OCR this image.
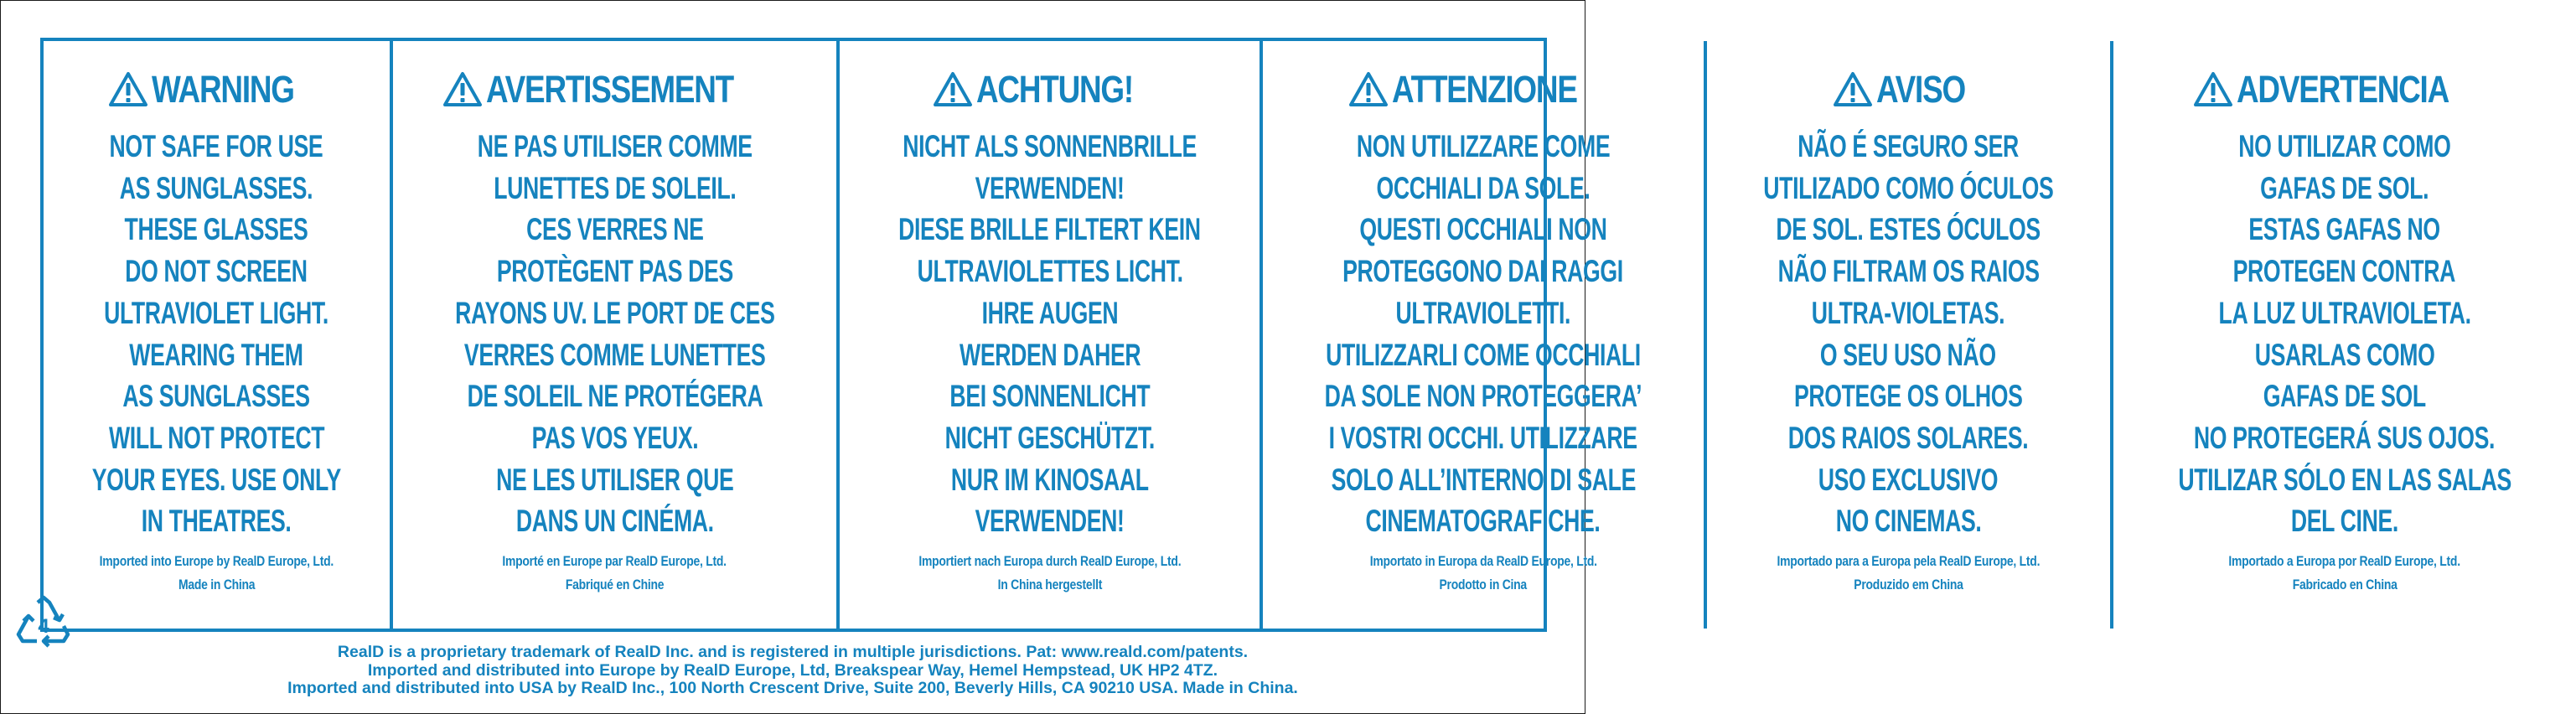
WARNING
NOT SAFE FOR USE
AS SUNGLASSES.
THESE GLASSES
DO NOT SCREEN
ULTRAVIOLET LIGHT.
WEARING THEM
AS SUNGLASSES
WILL NOT PROTECT
YOUR EYES. USE ONLY
IN THEATRES.
Imported into Europe by RealD Europe, Ltd.
Made in China
AVERTISSEMENT
NE PAS UTILISER COMME
LUNETTES DE SOLEIL.
CES VERRES NE
PROTÈGENT PAS DES
RAYONS UV. LE PORT DE CES
VERRES COMME LUNETTES
DE SOLEIL NE PROTÉGERA
PAS VOS YEUX.
NE LES UTILISER QUE
DANS UN CINÉMA.
Importé en Europe par RealD Europe, Ltd.
Fabriqué en Chine
ACHTUNG!
NICHT ALS SONNENBRILLE
VERWENDEN!
DIESE BRILLE FILTERT KEIN
ULTRAVIOLETTES LICHT.
IHRE AUGEN
WERDEN DAHER
BEI SONNENLICHT
NICHT GESCHÜTZT.
NUR IM KINOSAAL
VERWENDEN!
Importiert nach Europa durch RealD Europe, Ltd.
In China hergestellt
ATTENZIONE
NON UTILIZZARE COME
OCCHIALI DA SOLE.
QUESTI OCCHIALI NON
PROTEGGONO DAI RAGGI
ULTRAVIOLETTI.
UTILIZZARLI COME OCCHIALI
DA SOLE NON PROTEGGERA’
I VOSTRI OCCHI. UTILIZZARE
SOLO ALL’INTERNO DI SALE
CINEMATOGRAFICHE.
Importato in Europa da RealD Europe, Ltd.
Prodotto in Cina
AVISO
NÃO É SEGURO SER
UTILIZADO COMO ÓCULOS
DE SOL. ESTES ÓCULOS
NÃO FILTRAM OS RAIOS
ULTRA-VIOLETAS.
O SEU USO NÃO
PROTEGE OS OLHOS
DOS RAIOS SOLARES.
USO EXCLUSIVO
NO CINEMAS.
Importado para a Europa pela RealD Europe, Ltd.
Produzido em China
ADVERTENCIA
NO UTILIZAR COMO
GAFAS DE SOL.
ESTAS GAFAS NO
PROTEGEN CONTRA
LA LUZ ULTRAVIOLETA.
USARLAS COMO
GAFAS DE SOL
NO PROTEGERÁ SUS OJOS.
UTILIZAR SÓLO EN LAS SALAS
DEL CINE.
Importado a Europa por RealD Europe, Ltd.
Fabricado en China
4
RealD is a proprietary trademark of RealD Inc. and is registered in multiple jurisdictions. Pat: www.reald.com/patents.
Imported and distributed into Europe by RealD Europe, Ltd, Breakspear Way, Hemel Hempstead, UK HP2 4TZ.
Imported and distributed into USA by RealD Inc., 100 North Crescent Drive, Suite 200, Beverly Hills, CA 90210 USA. Made in China.
